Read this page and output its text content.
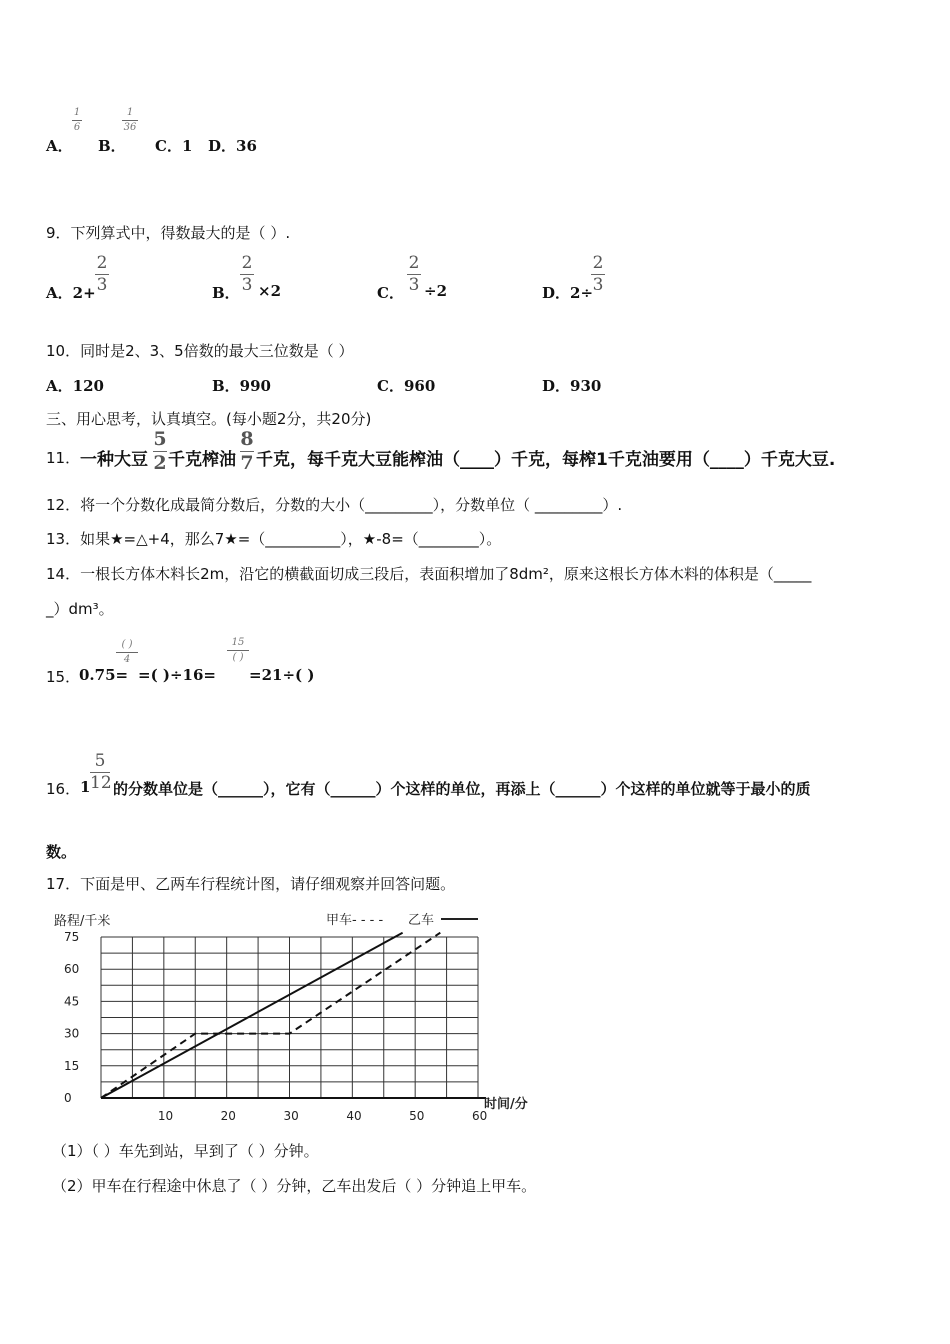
A．
1
6
B．
1
36
C．1 D．36
9．下列算式中，得数最大的是（ ）.
A．2+
2
3	B．
2
3 ×2	C．
2
3 ÷2	D．2÷
2
3
10．同时是2、3、5倍数的最大三位数是（ ）
A．120	B．990	C．960	D．930
三、用心思考，认真填空。(每小题2分，共20分)
11． 一种大豆
5
2 千克榨油
8
7 千克，每千克大豆能榨油（____）千克，每榨1千克油要用（____）千克大豆.
12．将一个分数化成最简分数后，分数的大小（_________），分数单位（ _________）.
13．如果★=△+4，那么7★=（__________），★-8=（________）。
14．一根长方体木料长2m，沿它的横截面切成三段后，表面积增加了8dm²，原来这根长方体木料的体积是（_____
_）dm³。
15．
0.75=
( )
4
=( )÷16=
15
( )
=21÷( )
16． 1
5
12 的分数单位是（______），它有（______）个这样的单位，再添上（______）个这样的单位就等于最小的质
数。
17．下面是甲、乙两车行程统计图，请仔细观察并回答问题。
路程/千米	甲车- - - - 乙车
0
15
30
45
60
75
10	20	30	40	50	60
时间/分
（1）（ ）车先到站，早到了（ ）分钟。
（2）甲车在行程途中休息了（ ）分钟，乙车出发后（ ）分钟追上甲车。
